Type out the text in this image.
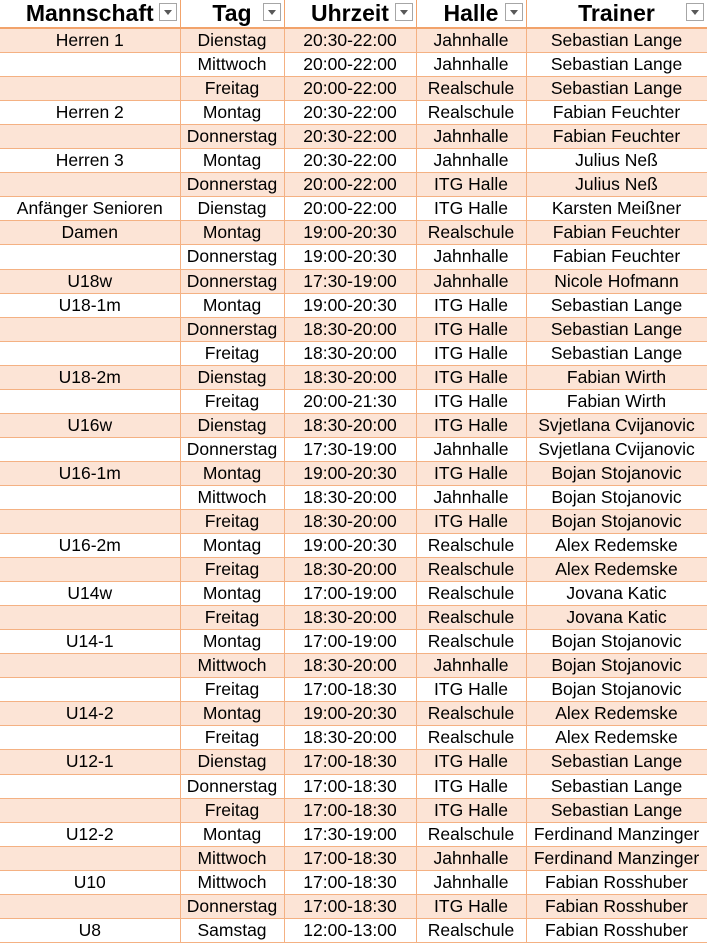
Mannschaft	Tag	Uhrzeit	Halle	Trainer

Herren 1	Dienstag	20:30-22:00	Jahnhalle	Sebastian Lange
	Mittwoch	20:00-22:00	Jahnhalle	Sebastian Lange
	Freitag	20:00-22:00	Realschule	Sebastian Lange
Herren 2	Montag	20:30-22:00	Realschule	Fabian Feuchter
	Donnerstag	20:30-22:00	Jahnhalle	Fabian Feuchter
Herren 3	Montag	20:30-22:00	Jahnhalle	Julius Neß
	Donnerstag	20:00-22:00	ITG Halle	Julius Neß
Anfänger Senioren	Dienstag	20:00-22:00	ITG Halle	Karsten Meißner
Damen	Montag	19:00-20:30	Realschule	Fabian Feuchter
	Donnerstag	19:00-20:30	Jahnhalle	Fabian Feuchter
U18w	Donnerstag	17:30-19:00	Jahnhalle	Nicole Hofmann
U18-1m	Montag	19:00-20:30	ITG Halle	Sebastian Lange
	Donnerstag	18:30-20:00	ITG Halle	Sebastian Lange
	Freitag	18:30-20:00	ITG Halle	Sebastian Lange
U18-2m	Dienstag	18:30-20:00	ITG Halle	Fabian Wirth
	Freitag	20:00-21:30	ITG Halle	Fabian Wirth
U16w	Dienstag	18:30-20:00	ITG Halle	Svjetlana Cvijanovic
	Donnerstag	17:30-19:00	Jahnhalle	Svjetlana Cvijanovic
U16-1m	Montag	19:00-20:30	ITG Halle	Bojan Stojanovic
	Mittwoch	18:30-20:00	Jahnhalle	Bojan Stojanovic
	Freitag	18:30-20:00	ITG Halle	Bojan Stojanovic
U16-2m	Montag	19:00-20:30	Realschule	Alex Redemske
	Freitag	18:30-20:00	Realschule	Alex Redemske
U14w	Montag	17:00-19:00	Realschule	Jovana Katic
	Freitag	18:30-20:00	Realschule	Jovana Katic
U14-1	Montag	17:00-19:00	Realschule	Bojan Stojanovic
	Mittwoch	18:30-20:00	Jahnhalle	Bojan Stojanovic
	Freitag	17:00-18:30	ITG Halle	Bojan Stojanovic
U14-2	Montag	19:00-20:30	Realschule	Alex Redemske
	Freitag	18:30-20:00	Realschule	Alex Redemske
U12-1	Dienstag	17:00-18:30	ITG Halle	Sebastian Lange
	Donnerstag	17:00-18:30	ITG Halle	Sebastian Lange
	Freitag	17:00-18:30	ITG Halle	Sebastian Lange
U12-2	Montag	17:30-19:00	Realschule	Ferdinand Manzinger
	Mittwoch	17:00-18:30	Jahnhalle	Ferdinand Manzinger
U10	Mittwoch	17:00-18:30	Jahnhalle	Fabian Rosshuber
	Donnerstag	17:00-18:30	ITG Halle	Fabian Rosshuber
U8	Samstag	12:00-13:00	Realschule	Fabian Rosshuber
